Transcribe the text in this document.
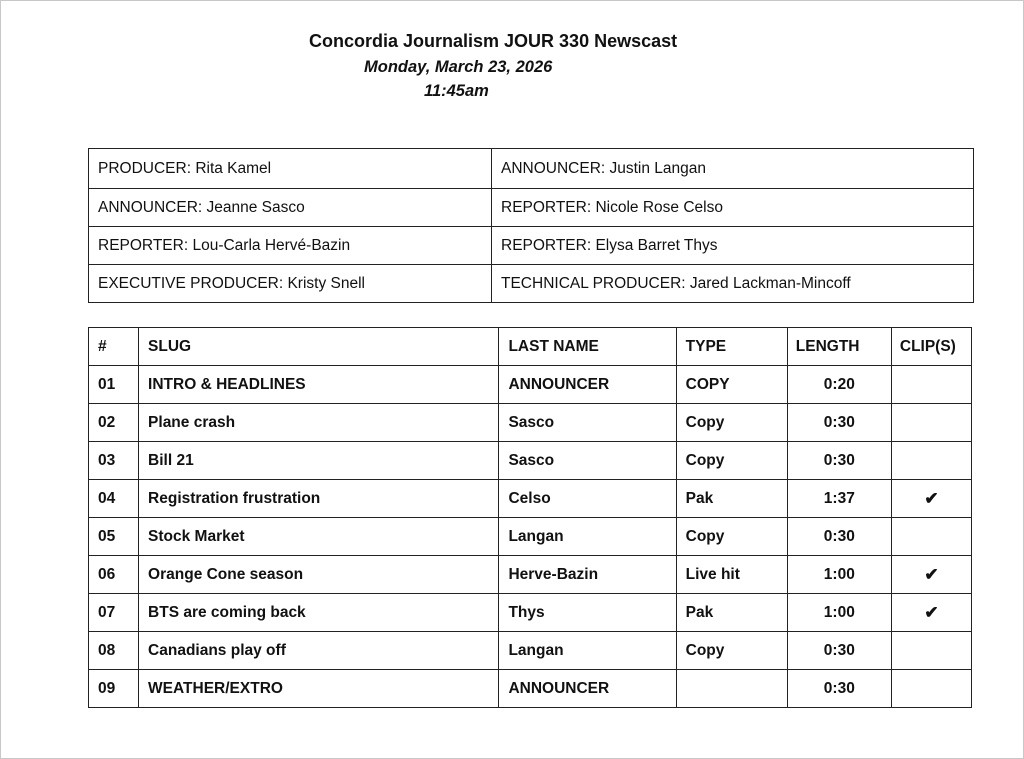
Concordia Journalism JOUR 330 Newscast
Monday, March 23, 2026
11:45am
PRODUCER: Rita Kamel	ANNOUNCER: Justin Langan
ANNOUNCER: Jeanne Sasco	REPORTER: Nicole Rose Celso
REPORTER: Lou-Carla Hervé-Bazin	REPORTER: Elysa Barret Thys
EXECUTIVE PRODUCER: Kristy Snell	TECHNICAL PRODUCER: Jared Lackman-Mincoff
#	SLUG	LAST NAME	TYPE	LENGTH	CLIP(S)
01	INTRO & HEADLINES	ANNOUNCER	COPY	0:20	
02	Plane crash	Sasco	Copy	0:30	
03	Bill 21	Sasco	Copy	0:30	
04	Registration frustration	Celso	Pak	1:37	✔
05	Stock Market	Langan	Copy	0:30	
06	Orange Cone season	Herve-Bazin	Live hit	1:00	✔
07	BTS are coming back	Thys	Pak	1:00	✔
08	Canadians play off	Langan	Copy	0:30	
09	WEATHER/EXTRO	ANNOUNCER		0:30	
